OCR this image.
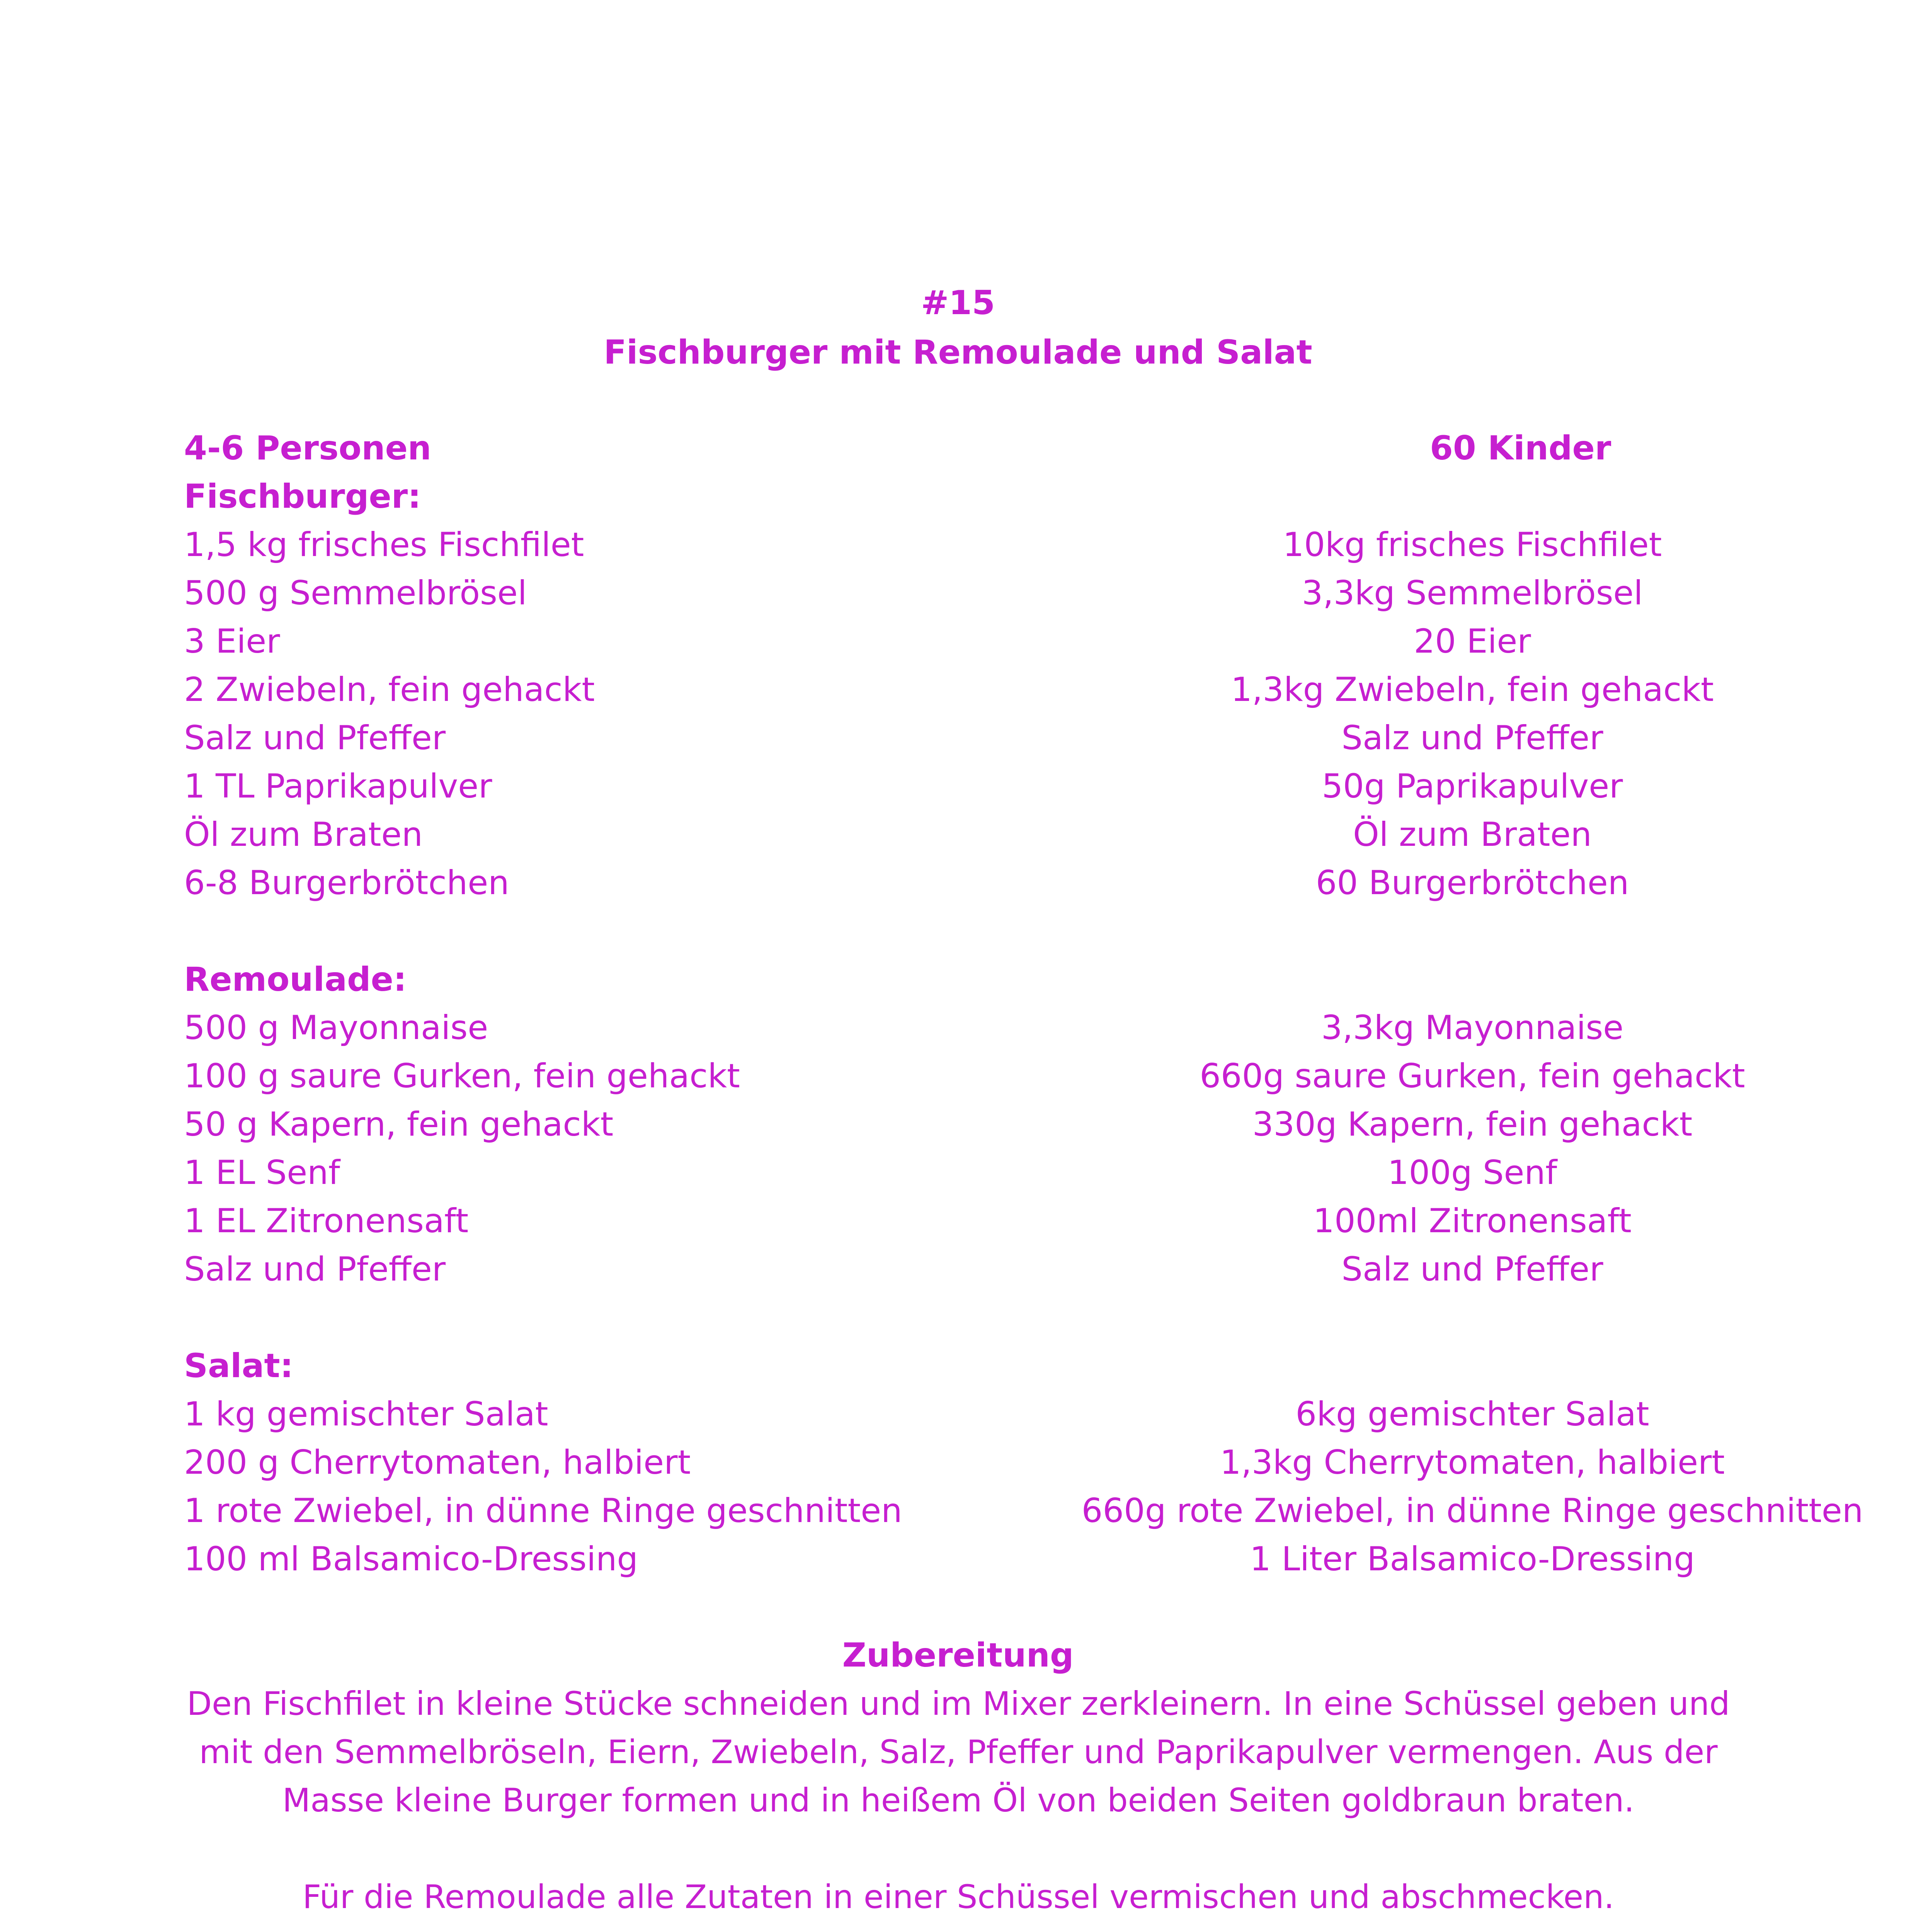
#15
Fischburger mit Remoulade und Salat
4-6 Personen	60 Kinder
Fischburger:
1,5 kg frisches Fischfilet
500 g Semmelbrösel
3 Eier
2 Zwiebeln, fein gehackt
Salz und Pfeffer
1 TL Paprikapulver
Öl zum Braten
6-8 Burgerbrötchen
10kg frisches Fischfilet
3,3kg Semmelbrösel
20 Eier
1,3kg Zwiebeln, fein gehackt
Salz und Pfeffer
50g Paprikapulver
Öl zum Braten
60 Burgerbrötchen
Remoulade:
500 g Mayonnaise
100 g saure Gurken, fein gehackt
50 g Kapern, fein gehackt
1 EL Senf
1 EL Zitronensaft
Salz und Pfeffer
3,3kg Mayonnaise
660g saure Gurken, fein gehackt
330g Kapern, fein gehackt
100g Senf
100ml Zitronensaft
Salz und Pfeffer
Salat:
1 kg gemischter Salat
200 g Cherrytomaten, halbiert
1 rote Zwiebel, in dünne Ringe geschnitten
100 ml Balsamico-Dressing
6kg gemischter Salat
1,3kg Cherrytomaten, halbiert
660g rote Zwiebel, in dünne Ringe geschnitten
1 Liter Balsamico-Dressing
Zubereitung

Den Fischfilet in kleine Stücke schneiden und im Mixer zerkleinern. In eine Schüssel geben und mit den Semmelbröseln, Eiern, Zwiebeln, Salz, Pfeffer und Paprikapulver vermengen. Aus der Masse kleine Burger formen und in heißem Öl von beiden Seiten goldbraun braten.

Für die Remoulade alle Zutaten in einer Schüssel vermischen und abschmecken.
